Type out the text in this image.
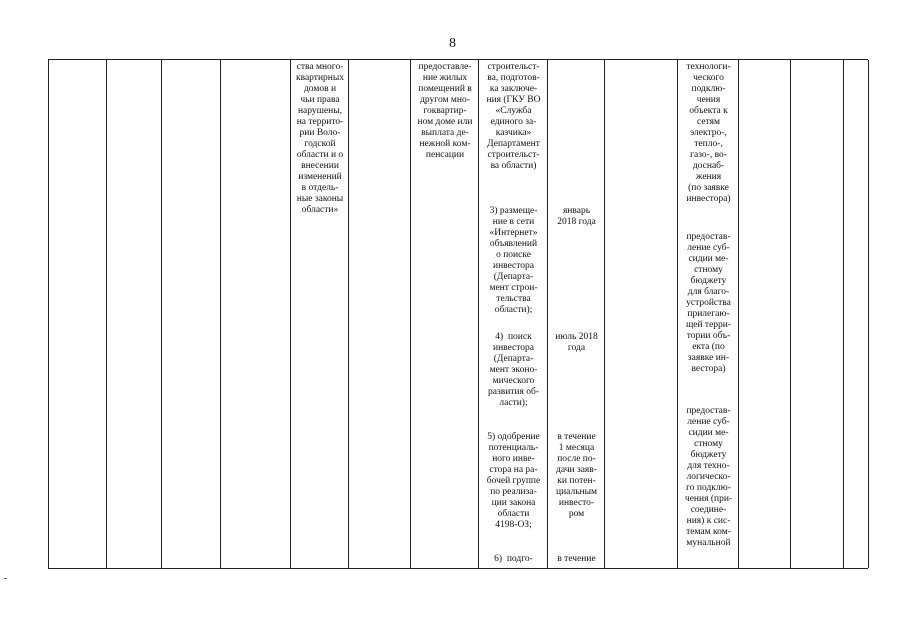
8
ства много-
квартирных
домов и
чьи права
нарушены,
на террито-
рии Воло-
годской
области и о
внесении
изменений
в отдель-
ные законы
области»
предоставле-
ние жилых
помещений в
другом мно-
гоквартир-
ном доме или
выплата де-
нежной ком-
пенсации
строительст-
ва, подготов-
ка заключе-
ния (ГКУ ВО
«Служба
единого за-
казчика»
Департамент
строительст-
ва области)
3) размеще-
ние в сети
«Интернет»
объявлений
о поиске
инвестора
(Департа-
мент строи-
тельства
области);
4)  поиск
инвестора
(Департа-
мент эконо-
мического
развития об-
ласти);
5) одобрение
потенциаль-
ного инве-
стора на ра-
бочей группе
по реализа-
ции закона
области
4198-ОЗ;
6)  подго-
январь
2018 года
июль 2018
года
в течение
1 месяца
после по-
дачи заяв-
ки потен-
циальным
инвесто-
ром
в течение
технологи-
ческого
подклю-
чения
объекта к
сетям
электро-,
тепло-,
газо-, во-
доснаб-
жения
(по заявке
инвестора)
предостав-
ление суб-
сидии ме-
стному
бюджету
для благо-
устройства
прилегаю-
щей терри-
тории объ-
екта (по
заявке ин-
вестора)
предостав-
ление суб-
сидии ме-
стному
бюджету
для техно-
логическо-
го подклю-
чения (при-
соедине-
ния) к сис-
темам ком-
мунальной
